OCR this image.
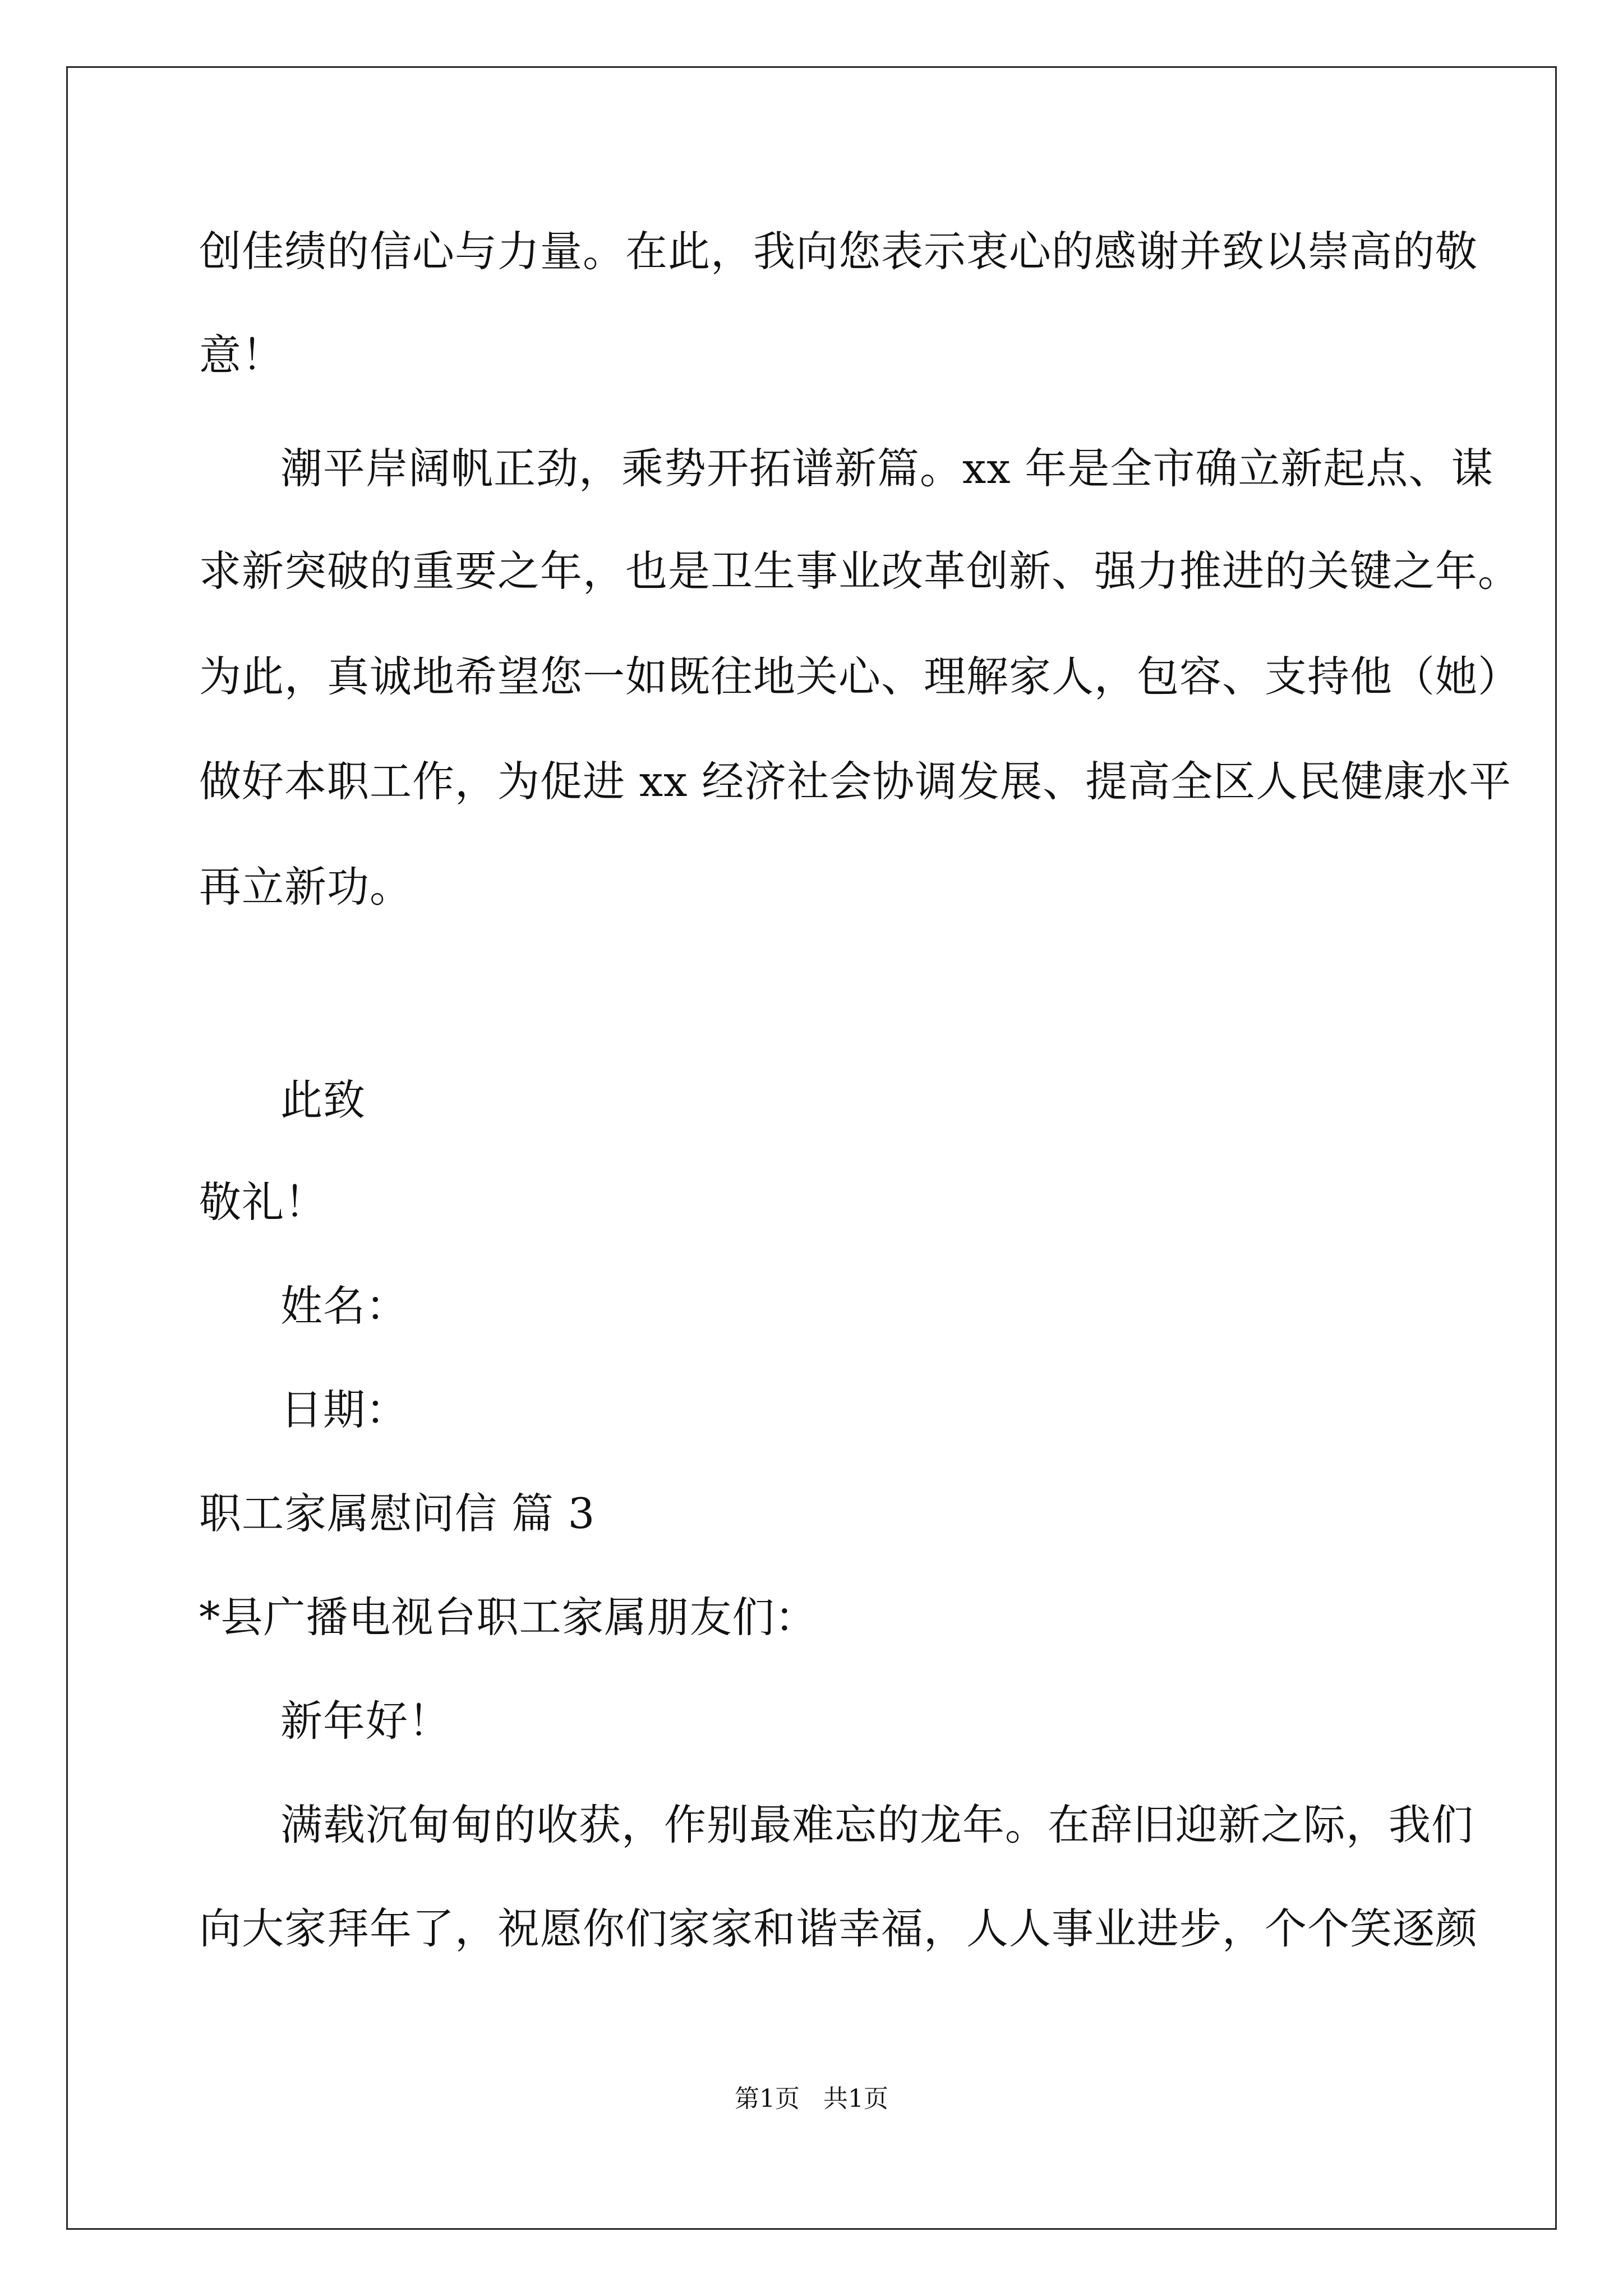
创佳绩的信心与力量。在此，我向您表示衷心的感谢并致以崇高的敬
意！
潮平岸阔帆正劲，乘势开拓谱新篇。xx 年是全市确立新起点、谋
求新突破的重要之年，也是卫生事业改革创新、强力推进的关键之年。
为此，真诚地希望您一如既往地关心、理解家人，包容、支持他（她）
做好本职工作，为促进 xx 经济社会协调发展、提高全区人民健康水平
再立新功。
此致
敬礼！
姓名：
日期：
职工家属慰问信 篇 3
*县广播电视台职工家属朋友们：
新年好！
满载沉甸甸的收获，作别最难忘的龙年。在辞旧迎新之际，我们
向大家拜年了，祝愿你们家家和谐幸福，人人事业进步，个个笑逐颜
第1页   共1页
